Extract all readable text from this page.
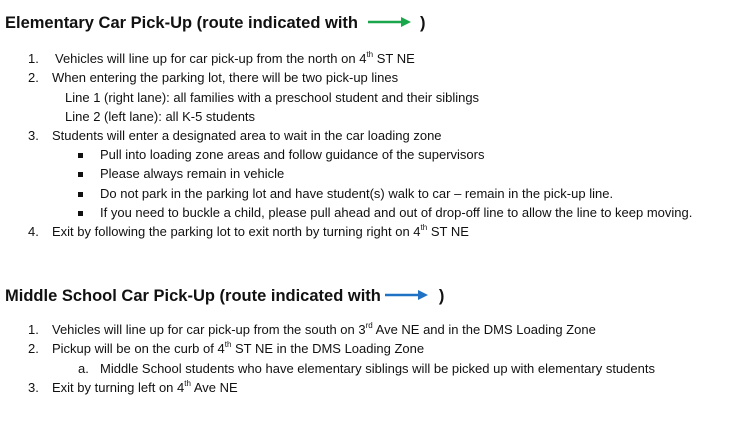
Elementary Car Pick-Up (route indicated with	)
1. Vehicles will line up for car pick-up from the north on 4th ST NE
2. When entering the parking lot, there will be two pick-up lines
Line 1 (right lane): all families with a preschool student and their siblings
Line 2 (left lane): all K-5 students
3. Students will enter a designated area to wait in the car loading zone
Pull into loading zone areas and follow guidance of the supervisors
Please always remain in vehicle
Do not park in the parking lot and have student(s) walk to car – remain in the pick-up line.
If you need to buckle a child, please pull ahead and out of drop-off line to allow the line to keep moving.
4. Exit by following the parking lot to exit north by turning right on 4th ST NE
Middle School Car Pick-Up (route indicated with	)
1. Vehicles will line up for car pick-up from the south on 3rd Ave NE and in the DMS Loading Zone
2. Pickup will be on the curb of 4th ST NE in the DMS Loading Zone
a. Middle School students who have elementary siblings will be picked up with elementary students
3. Exit by turning left on 4th Ave NE
